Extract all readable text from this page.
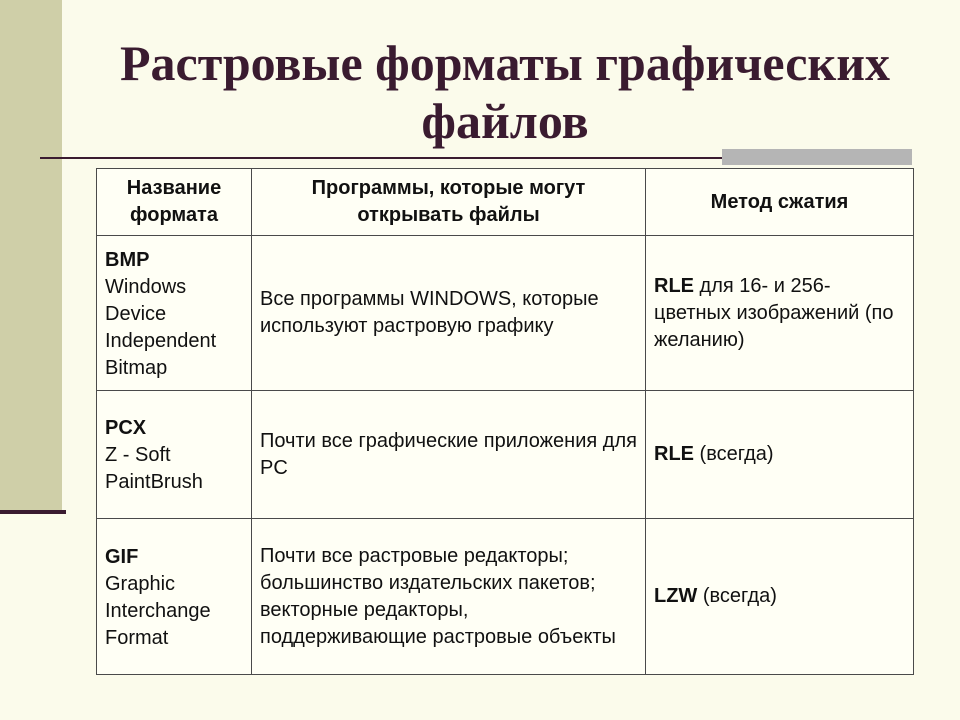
Растровые форматы графических
файлов
Название формата	Программы, которые могут открывать файлы	Метод сжатия

BMP
Windows
Device
Independent
Bitmap	Все программы WINDOWS, которые используют растровую графику	RLE для 16- и 256-цветных изображений (по желанию)

PCX
Z - Soft
PaintBrush	Почти все графические приложения для PC	RLE (всегда)

GIF
Graphic
Interchange
Format	Почти все растровые редакторы; большинство издательских пакетов; векторные редакторы, поддерживающие растровые объекты	LZW (всегда)
